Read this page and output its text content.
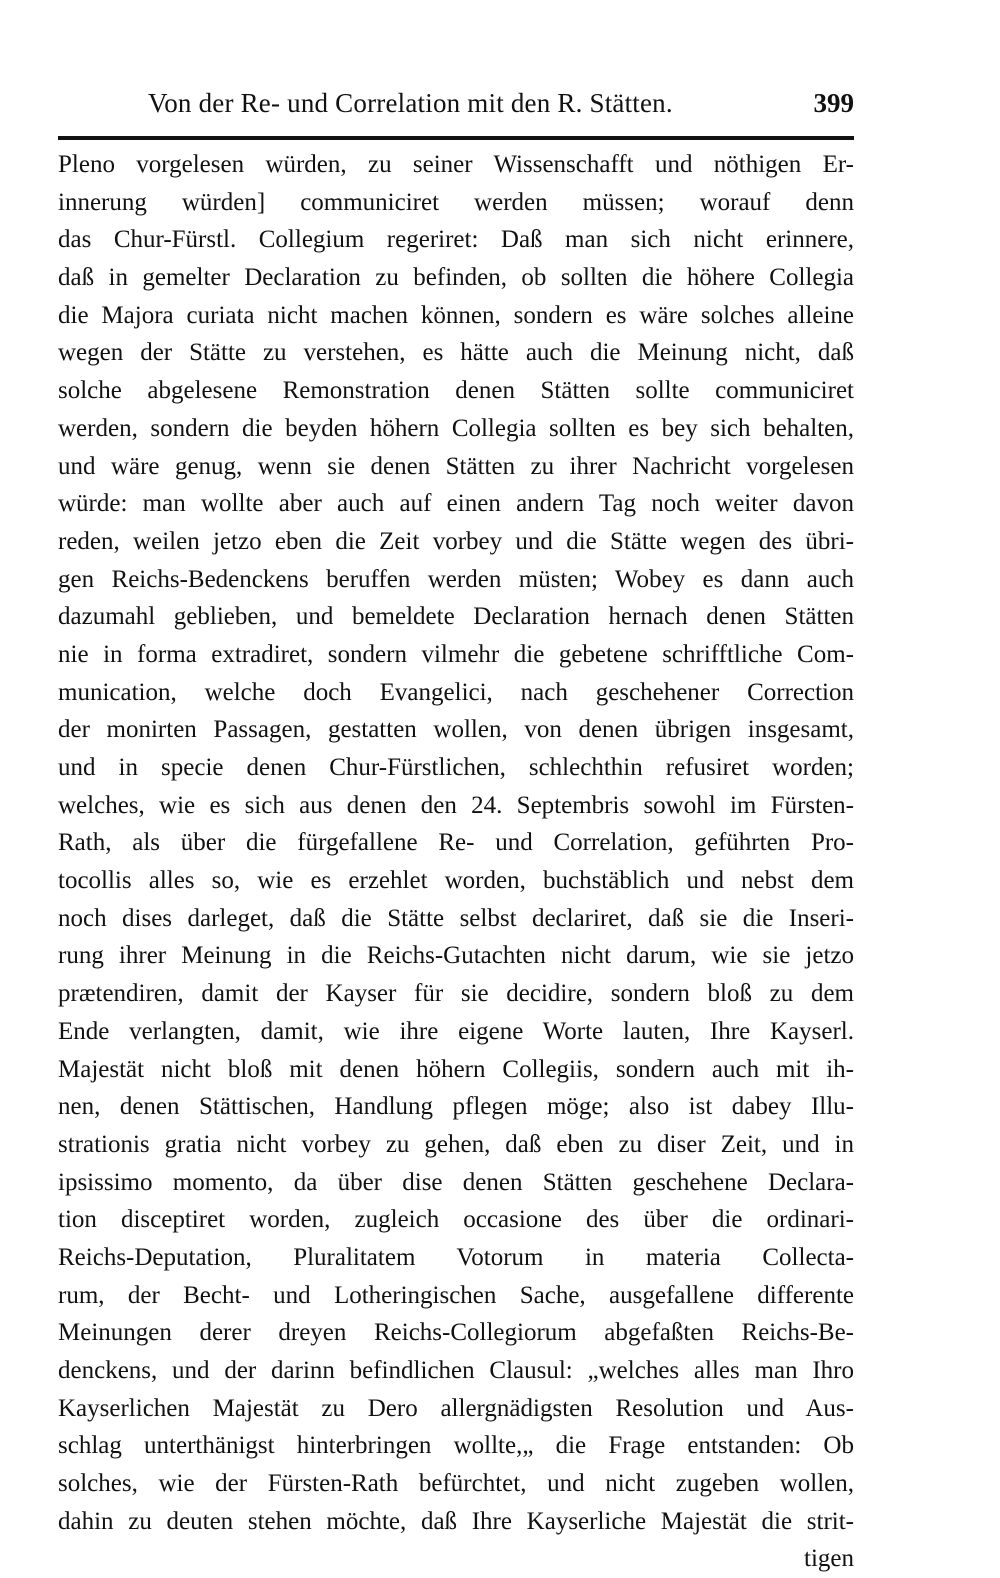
Von der Re- und Correlation mit den R. Stätten.	399
Pleno vorgelesen würden, zu seiner Wissenschafft und nöthigen Er-
innerung würden] communiciret werden müssen; worauf denn
das Chur-Fürstl. Collegium regeriret: Daß man sich nicht erinnere,
daß in gemelter Declaration zu befinden, ob sollten die höhere Collegia
die Majora curiata nicht machen können, sondern es wäre solches alleine
wegen der Stätte zu verstehen, es hätte auch die Meinung nicht, daß
solche abgelesene Remonstration denen Stätten sollte communiciret
werden, sondern die beyden höhern Collegia sollten es bey sich behalten,
und wäre genug, wenn sie denen Stätten zu ihrer Nachricht vorgelesen
würde: man wollte aber auch auf einen andern Tag noch weiter davon
reden, weilen jetzo eben die Zeit vorbey und die Stätte wegen des übri-
gen Reichs-Bedenckens beruffen werden müsten; Wobey es dann auch
dazumahl geblieben, und bemeldete Declaration hernach denen Stätten
nie in forma extradiret, sondern vilmehr die gebetene schrifftliche Com-
munication, welche doch Evangelici, nach geschehener Correction
der monirten Passagen, gestatten wollen, von denen übrigen insgesamt,
und in specie denen Chur-Fürstlichen, schlechthin refusiret worden;
welches, wie es sich aus denen den 24. Septembris sowohl im Fürsten-
Rath, als über die fürgefallene Re- und Correlation, geführten Pro-
tocollis alles so, wie es erzehlet worden, buchstäblich und nebst dem
noch dises darleget, daß die Stätte selbst declariret, daß sie die Inseri-
rung ihrer Meinung in die Reichs-Gutachten nicht darum, wie sie jetzo
prætendiren, damit der Kayser für sie decidire, sondern bloß zu dem
Ende verlangten, damit, wie ihre eigene Worte lauten, Ihre Kayserl.
Majestät nicht bloß mit denen höhern Collegiis, sondern auch mit ih-
nen, denen Stättischen, Handlung pflegen möge; also ist dabey Illu-
strationis gratia nicht vorbey zu gehen, daß eben zu diser Zeit, und in
ipsissimo momento, da über dise denen Stätten geschehene Declara-
tion disceptiret worden, zugleich occasione des über die ordinari-
Reichs-Deputation, Pluralitatem Votorum in materia Collecta-
rum, der Becht- und Lotheringischen Sache, ausgefallene differente
Meinungen derer dreyen Reichs-Collegiorum abgefaßten Reichs-Be-
denckens, und der darinn befindlichen Clausul: „welches alles man Ihro
Kayserlichen Majestät zu Dero allergnädigsten Resolution und Aus-
schlag unterthänigst hinterbringen wollte,„ die Frage entstanden: Ob
solches, wie der Fürsten-Rath befürchtet, und nicht zugeben wollen,
dahin zu deuten stehen möchte, daß Ihre Kayserliche Majestät die strit-
tigen
